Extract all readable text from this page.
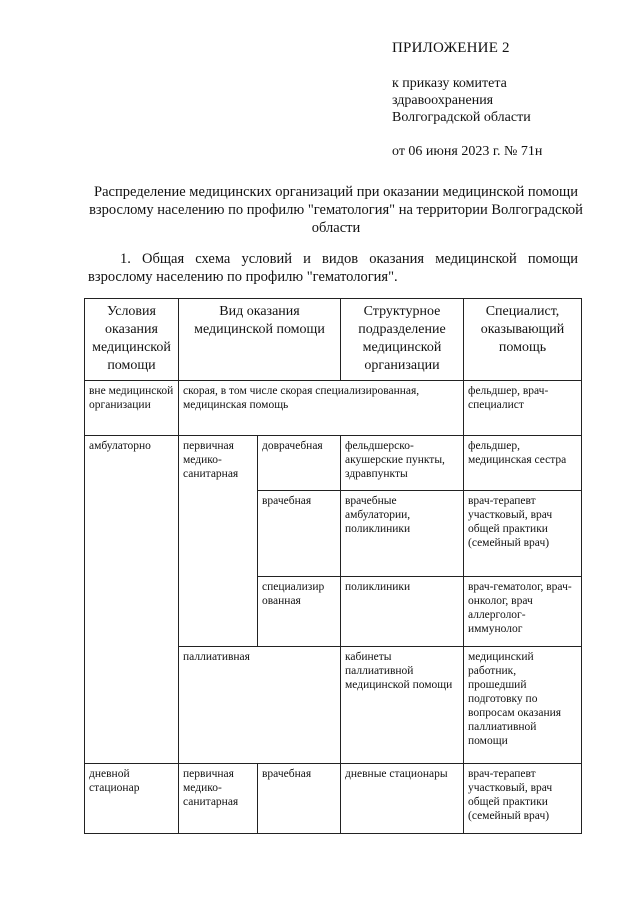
ПРИЛОЖЕНИЕ 2
к приказу комитета
здравоохранения
Волгоградской области
от 06 июня 2023 г. № 71н
Распределение медицинских организаций при оказании медицинской помощи взрослому населению по профилю "гематология" на территории Волгоградской области
1. Общая схема условий и видов оказания медицинской помощи взрослому населению по профилю "гематология".
Условия оказания медицинской помощи	Вид оказания медицинской помощи		Структурное подразделение медицинской организации	Специалист, оказывающий помощь
вне медицинской организации	скорая, в том числе скорая специализированная, медицинская помощь			фельдшер, врач-специалист
амбулаторно	первичная медико-санитарная	доврачебная	фельдшерско-акушерские пункты, здравпункты	фельдшер, медицинская сестра
		врачебная	врачебные амбулатории, поликлиники	врач-терапевт участковый, врач общей практики (семейный врач)
		специализир ованная	поликлиники	врач-гематолог, врач-онколог, врач аллерголог-иммунолог
	паллиативная		кабинеты паллиативной медицинской помощи	медицинский работник, прошедший подготовку по вопросам оказания паллиативной помощи
дневной стационар	первичная медико-санитарная	врачебная	дневные стационары	врач-терапевт участковый, врач общей практики (семейный врач)
